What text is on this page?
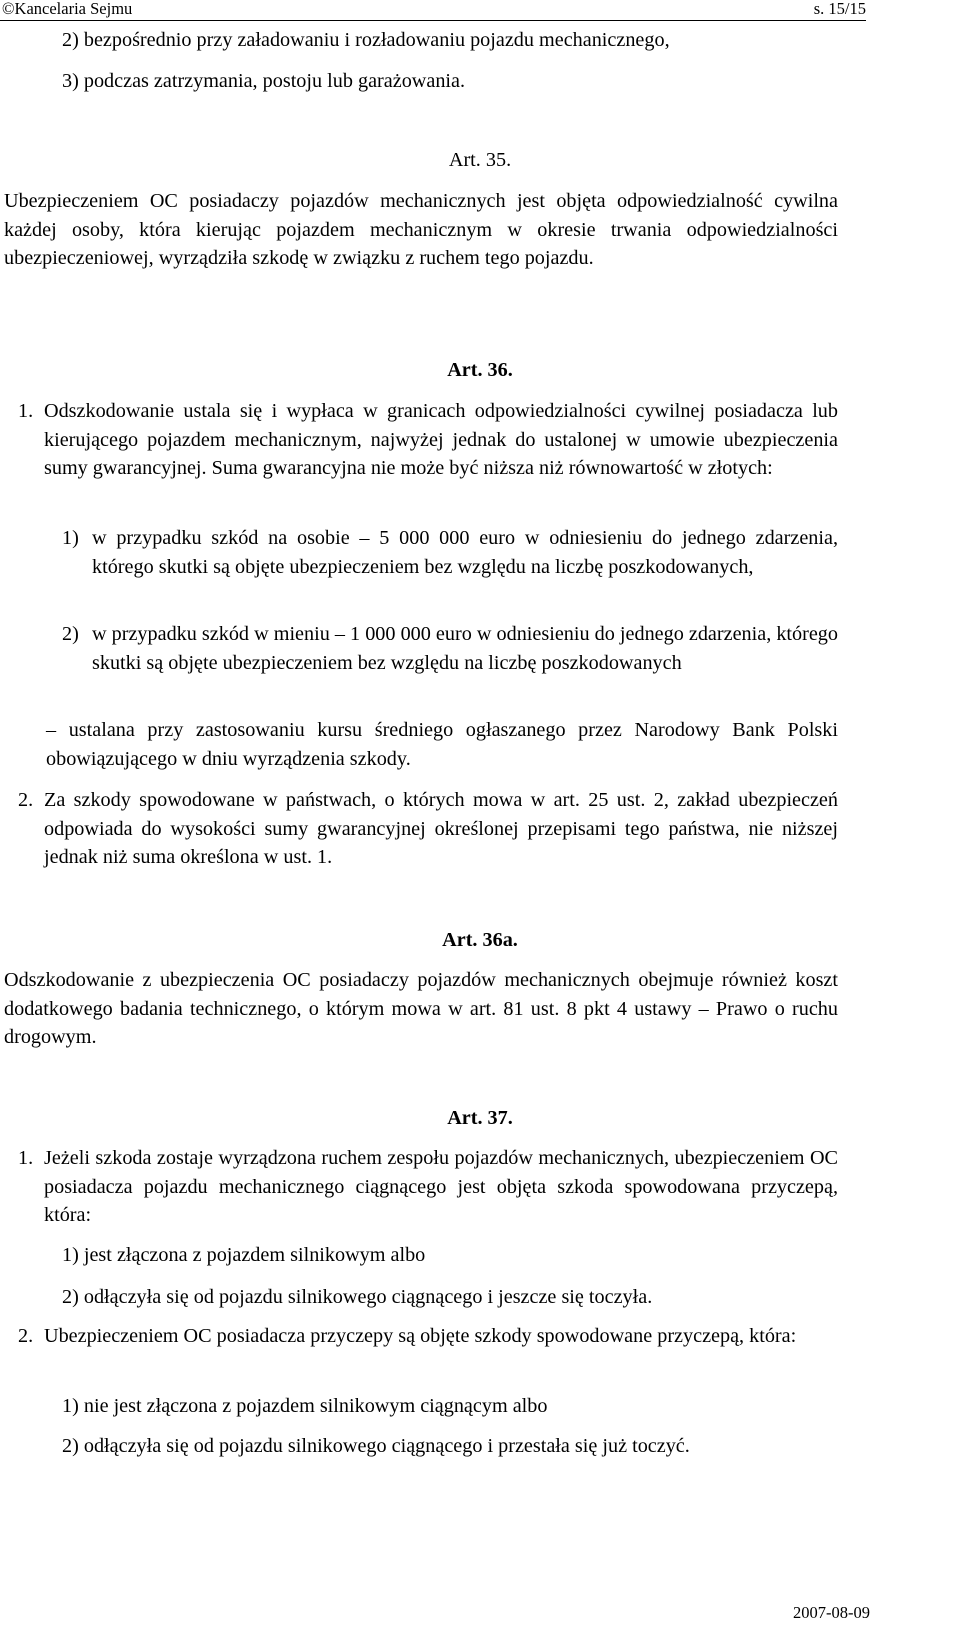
©Kancelaria Sejmu	s. 15/15
2) bezpośrednio przy załadowaniu i rozładowaniu pojazdu mechanicznego,
3) podczas zatrzymania, postoju lub garażowania.
Art. 35.
Ubezpieczeniem OC posiadaczy pojazdów mechanicznych jest objęta odpowiedzialność cywilna każdej osoby, która kierując pojazdem mechanicznym w okresie trwania odpowiedzialności ubezpieczeniowej, wyrządziła szkodę w związku z ruchem tego pojazdu.
Art. 36.
1. Odszkodowanie ustala się i wypłaca w granicach odpowiedzialności cywilnej posiadacza lub kierującego pojazdem mechanicznym, najwyżej jednak do ustalonej w umowie ubezpieczenia sumy gwarancyjnej. Suma gwarancyjna nie może być niższa niż równowartość w złotych:
1) w przypadku szkód na osobie – 5 000 000 euro w odniesieniu do jednego zdarzenia, którego skutki są objęte ubezpieczeniem bez względu na liczbę poszkodowanych,
2) w przypadku szkód w mieniu – 1 000 000 euro w odniesieniu do jednego zdarzenia, którego skutki są objęte ubezpieczeniem bez względu na liczbę poszkodowanych
– ustalana przy zastosowaniu kursu średniego ogłaszanego przez Narodowy Bank Polski obowiązującego w dniu wyrządzenia szkody.
2. Za szkody spowodowane w państwach, o których mowa w art. 25 ust. 2, zakład ubezpieczeń odpowiada do wysokości sumy gwarancyjnej określonej przepisami tego państwa, nie niższej jednak niż suma określona w ust. 1.
Art. 36a.
Odszkodowanie z ubezpieczenia OC posiadaczy pojazdów mechanicznych obejmuje również koszt dodatkowego badania technicznego, o którym mowa w art. 81 ust. 8 pkt 4 ustawy – Prawo o ruchu drogowym.
Art. 37.
1. Jeżeli szkoda zostaje wyrządzona ruchem zespołu pojazdów mechanicznych, ubezpieczeniem OC posiadacza pojazdu mechanicznego ciągnącego jest objęta szkoda spowodowana przyczepą, która:
1) jest złączona z pojazdem silnikowym albo
2) odłączyła się od pojazdu silnikowego ciągnącego i jeszcze się toczyła.
2. Ubezpieczeniem OC posiadacza przyczepy są objęte szkody spowodowane przyczepą, która:
1) nie jest złączona z pojazdem silnikowym ciągnącym albo
2) odłączyła się od pojazdu silnikowego ciągnącego i przestała się już toczyć.
2007-08-09
